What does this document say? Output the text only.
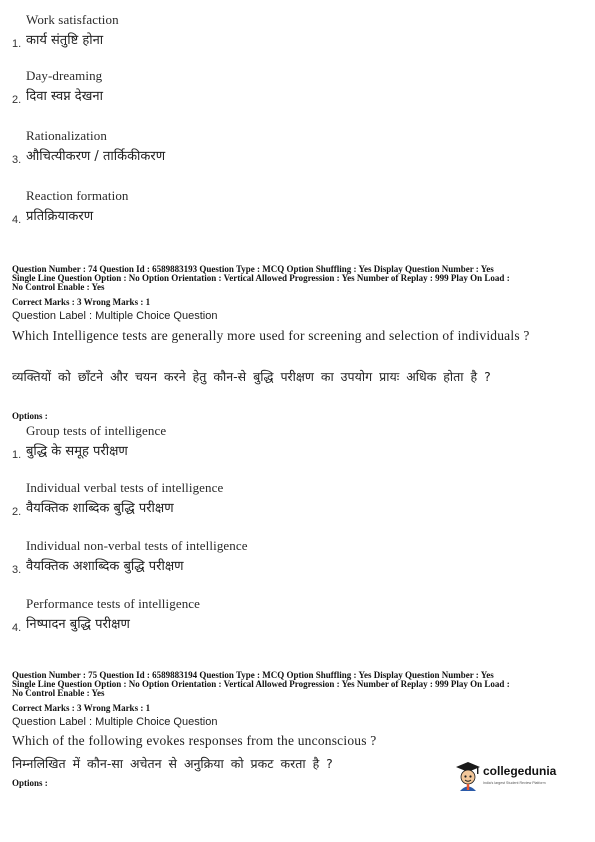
Work satisfaction
1. कार्य संतुष्टि होना
Day-dreaming
2. दिवा स्वप्न देखना
Rationalization
3. औचित्यीकरण / तार्किकीकरण
Reaction formation
4. प्रतिक्रियाकरण
Question Number : 74 Question Id : 6589883193 Question Type : MCQ Option Shuffling : Yes Display Question Number : Yes
Single Line Question Option : No Option Orientation : Vertical Allowed Progression : Yes Number of Replay : 999 Play On Load :
No Control Enable : Yes
Correct Marks : 3 Wrong Marks : 1
Question Label : Multiple Choice Question
Which Intelligence tests are generally more used for screening and selection of individuals ?
व्यक्तियों को छाँटने और चयन करने हेतु कौन-से बुद्धि परीक्षण का उपयोग प्रायः अधिक होता है ?
Options :
Group tests of intelligence
1. बुद्धि के समूह परीक्षण
Individual verbal tests of intelligence
2. वैयक्तिक शाब्दिक बुद्धि परीक्षण
Individual non-verbal tests of intelligence
3. वैयक्तिक अशाब्दिक बुद्धि परीक्षण
Performance tests of intelligence
4. निष्पादन बुद्धि परीक्षण
Question Number : 75 Question Id : 6589883194 Question Type : MCQ Option Shuffling : Yes Display Question Number : Yes
Single Line Question Option : No Option Orientation : Vertical Allowed Progression : Yes Number of Replay : 999 Play On Load :
No Control Enable : Yes
Correct Marks : 3 Wrong Marks : 1
Question Label : Multiple Choice Question
Which of the following evokes responses from the unconscious ?
निम्नलिखित में कौन-सा अचेतन से अनुक्रिया को प्रकट करता है ?
Options :
collegedunia
India's largest Student Review Platform
